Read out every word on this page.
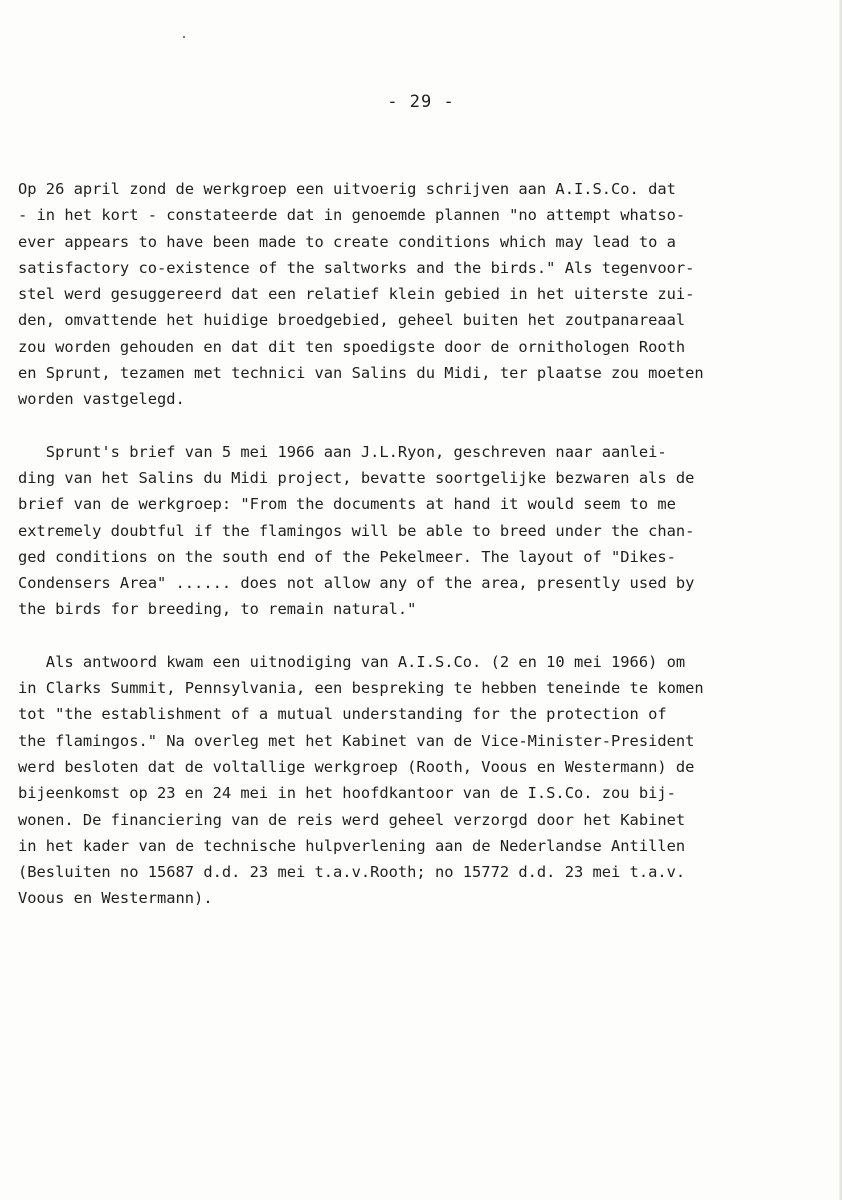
- 29 -
Op 26 april zond de werkgroep een uitvoerig schrijven aan A.I.S.Co. dat
- in het kort - constateerde dat in genoemde plannen "no attempt whatso-
ever appears to have been made to create conditions which may lead to a
satisfactory co-existence of the saltworks and the birds." Als tegenvoor-
stel werd gesuggereerd dat een relatief klein gebied in het uiterste zui-
den, omvattende het huidige broedgebied, geheel buiten het zoutpanareaal
zou worden gehouden en dat dit ten spoedigste door de ornithologen Rooth
en Sprunt, tezamen met technici van Salins du Midi, ter plaatse zou moeten
worden vastgelegd.
Sprunt's brief van 5 mei 1966 aan J.L.Ryon, geschreven naar aanlei-
ding van het Salins du Midi project, bevatte soortgelijke bezwaren als de
brief van de werkgroep: "From the documents at hand it would seem to me
extremely doubtful if the flamingos will be able to breed under the chan-
ged conditions on the south end of the Pekelmeer. The layout of "Dikes-
Condensers Area" ...... does not allow any of the area, presently used by
the birds for breeding, to remain natural."
Als antwoord kwam een uitnodiging van A.I.S.Co. (2 en 10 mei 1966) om
in Clarks Summit, Pennsylvania, een bespreking te hebben teneinde te komen
tot "the establishment of a mutual understanding for the protection of
the flamingos." Na overleg met het Kabinet van de Vice-Minister-President
werd besloten dat de voltallige werkgroep (Rooth, Voous en Westermann) de
bijeenkomst op 23 en 24 mei in het hoofdkantoor van de I.S.Co. zou bij-
wonen. De financiering van de reis werd geheel verzorgd door het Kabinet
in het kader van de technische hulpverlening aan de Nederlandse Antillen
(Besluiten no 15687 d.d. 23 mei t.a.v.Rooth; no 15772 d.d. 23 mei t.a.v.
Voous en Westermann).
